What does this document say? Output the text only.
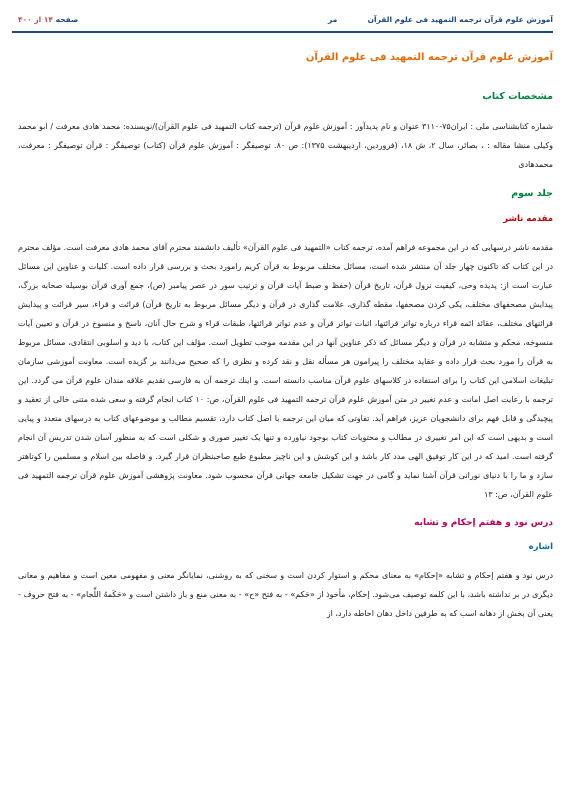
آموزش علوم قرآن ترجمه التمهيد فى علوم القرآن
مر
صفحه ۱۴ از ۴۰۰
آموزش علوم قرآن ترجمه التمهيد فى علوم القرآن
مشخصات كتاب

شماره كتابشناسی ملی : ايران۷۵-۳۱۱۰ عنوان و نام پديدآور : آموزش علوم قرآن (ترجمه كتاب التمهيد فی علوم القرآن)/نويسنده: محمد هادی معرفت / ابو محمد وكيلی منشا مقاله : ، بصائر، سال ۲، ش ۱۸، (فروردين، ارديبهشت ۱۳۷۵): ص ۸۰. توصيفگر : آموزش علوم قرآن (كتاب) توصيفگر : قرآن توصيفگر : معرفت، محمدهادی

جلد سوم
مقدمه ناشر

مقدمه ناشر درسهايی كه در اين مجموعه فراهم آمده، ترجمه كتاب «التمهيد فی علوم القرآن» تأليف دانشمند محترم آقای محمد هادی معرفت است. مؤلف محترم در اين كتاب كه تاكنون چهار جلد آن منتشر شده است، مسائل مختلف مربوط به قرآن كريم رامورد بحث و بررسی قرار داده است. كليات و عناوين اين مسائل عبارت است از: پديده وحی، كيفيت نزول قرآن، تاريخ قرآن (حفظ و ضبط آيات قرآن و ترتيب سور در عصر پيامبر (ص)، جمع آوری قرآن بوسيله صحابه بزرگ، پيدايش مصحفهای مختلف، يكی كردن مصحفها، مقطه گذاری، علامت گذاری در قرآن و ديگر مسائل مربوط به تاريخ قرآن) قرائت و قراء، سير قرائت و پيدايش قرائتهای مختلف، عقائد ائمه قراء درباره تواتر قرائتها، اثبات تواتر قرآن و عدم تواتر قرائتها، طبقات قراء و شرح حال آنان، ناسخ و منسوخ در قرآن و تعيين آيات منسوخه، محكم و متشابه در قرآن و ديگر مسائل كه ذكر عناوين آنها در اين مقدمه موجب تطويل است. مؤلف اين كتاب، با ديد و اسلوبی انتقادی، مسائل مربوط به قرآن را مورد بحث قرار داده و عقايد مختلف را پيرامون هر مسأله نقل و نقد كرده و نظری را كه صحيح می‌دانند بر گزيده است. معاونت آموزشی سازمان تبليغات اسلامی اين كتاب را برای استفاده در كلاسهای علوم قرآن مناسب دانسته است. و اينك ترجمه آن به فارسی تقديم علاقه مندان علوم قرآن می گردد. اين ترجمه با رعايت اصل امانت و عدم تغيير در متن آموزش علوم قرآن ترجمه التمهيد فی علوم القرآن، ص: ۱۰ كتاب انجام گرفته و سعی شده متنی خالی از تعقيد و پيچيدگی و قابل فهم برای دانشجويان عزيز، فراهم آيد. تفاوتی كه ميان اين ترجمه با اصل كتاب دارد، تقسيم مطالب و موضوعهای كتاب به درسهای متعدد و پيايی است و بديهی است كه اين امر تغييری در مطالب و محتويات كتاب بوجود نياورده و تنها يک تغيير صوری و شكلی است كه به منظور آسان شدن تدريس آن انجام گرفته است. اميد كه در اين كار توفيق الهی مدد كار باشد و اين كوشش و اين ناچيز مطبوع طبع صاحبنظران قرار گيرد. و فاصله بين اسلام و مسلمين را كوتاهتر سازد و ما را با دنيای نورانی قرآن آشنا نمايد و گامی در جهت تشكيل جامعه جهانی قرآن محسوب شود. معاونت پژوهشی آموزش علوم قرآن ترجمه التمهيد فی علوم القرآن، ص: ۱۳

درس نود و هفتم إحكام و تشابه
اشاره

درس نود و هفتم إحكام و تشابه «إحكام» به معنای محكم و استوار كردن است و سخنی كه به روشنی، نمايانگر معنی و مفهومی معين است و مفاهيم و معانی ديگری در بر نداشته باشد، با اين كلمه توصيف می‌شود. إحكام، مأخوذ از «حَكم» - به فتح «ح» - به معنی منع و باز داشتن است و «حَكَمهُ اللِّجام» - به فتح حروف - يعنی آن بخش از دهانه اسب كه به طرفين داخل دهان احاطه دارد، از
